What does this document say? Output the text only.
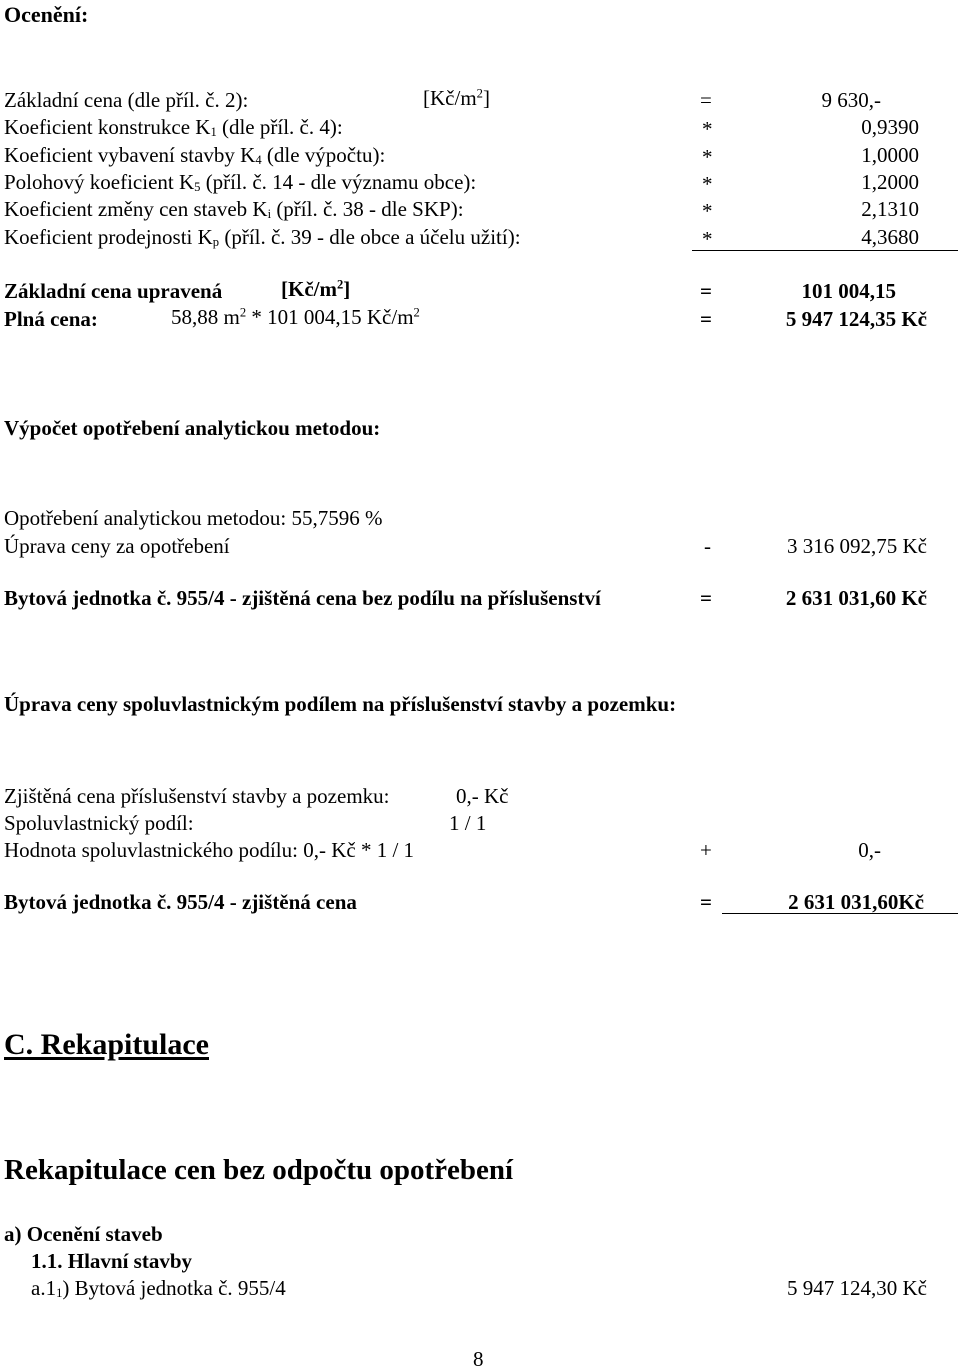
Ocenění:
Základní cena (dle příl. č. 2):	$[Kč/m^2]$	=	9 630,-
Koeficient konstrukce $K_1$ (dle příl. č. 4):	*	0,9390
Koeficient vybavení stavby $K_4$ (dle výpočtu):	*	1,0000
Polohový koeficient $K_5$ (příl. č. 14 - dle významu obce):	*	1,2000
Koeficient změny cen staveb $K_i$ (příl. č. 38 - dle SKP):	*	2,1310
Koeficient prodejnosti $K_p$ (příl. č. 39 - dle obce a účelu užití):	*	4,3680
Základní cena upravená	$[Kč/m^2]$	=	101 004,15
Plná cena:	58,88 $m^2 * 101$ 004,15 $Kč/m^2$	=	5 947 124,35 Kč
Výpočet opotřebení analytickou metodou:
Opotřebení analytickou metodou: 55,7596 %
Úprava ceny za opotřebení	-	3 316 092,75 Kč
Bytová jednotka č. 955/4 - zjištěná cena bez podílu na příslušenství	=	2 631 031,60 Kč
Úprava ceny spoluvlastnickým podílem na příslušenství stavby a pozemku:
Zjištěná cena příslušenství stavby a pozemku:	0,- Kč
Spoluvlastnický podíl:	1 / 1
Hodnota spoluvlastnického podílu: 0,- Kč * 1 / 1	+	0,-
Bytová jednotka č. 955/4 - zjištěná cena	=	2 631 031,60Kč
C. Rekapitulace
Rekapitulace cen bez odpočtu opotřebení
a) Ocenění staveb
1.1. Hlavní stavby
$a.1_1$) Bytová jednotka č. 955/4	5 947 124,30 Kč
8
